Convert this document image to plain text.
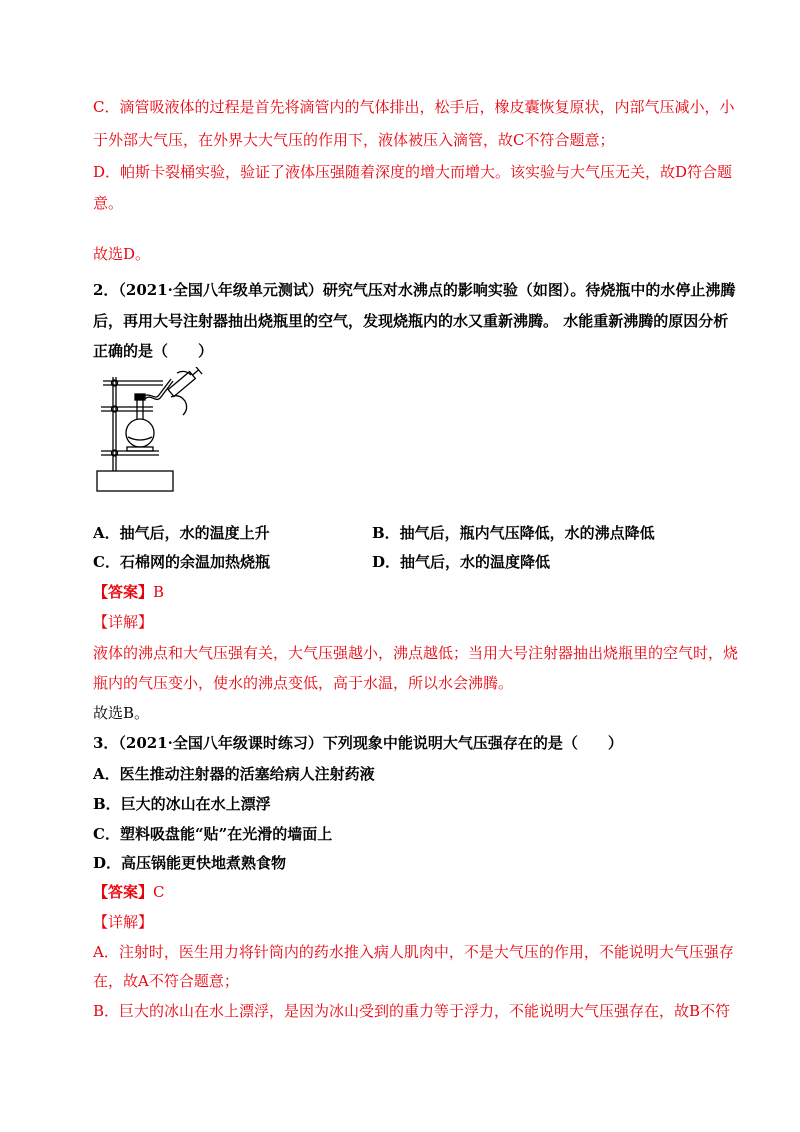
C．滴管吸液体的过程是首先将滴管内的气体排出，松手后，橡皮囊恢复原状，内部气压减小，小
于外部大气压，在外界大大气压的作用下，液体被压入滴管，故C不符合题意；
D．帕斯卡裂桶实验，验证了液体压强随着深度的增大而增大。该实验与大气压无关，故D符合题
意。
故选D。
2．（2021·全国八年级单元测试）研究气压对水沸点的影响实验（如图）。待烧瓶中的水停止沸腾
后，再用大号注射器抽出烧瓶里的空气，发现烧瓶内的水又重新沸腾。 水能重新沸腾的原因分析
正确的是（　　）
A．抽气后，水的温度上升	B．抽气后，瓶内气压降低，水的沸点降低
C．石棉网的余温加热烧瓶	D．抽气后，水的温度降低
【答案】B
【详解】
液体的沸点和大气压强有关，大气压强越小，沸点越低；当用大号注射器抽出烧瓶里的空气时，烧
瓶内的气压变小，使水的沸点变低，高于水温，所以水会沸腾。
故选B。
3．（2021·全国八年级课时练习）下列现象中能说明大气压强存在的是（　　）
A．医生推动注射器的活塞给病人注射药液
B．巨大的冰山在水上漂浮
C．塑料吸盘能“贴”在光滑的墙面上
D．高压锅能更快地煮熟食物
【答案】C
【详解】
A．注射时，医生用力将针筒内的药水推入病人肌肉中，不是大气压的作用，不能说明大气压强存
在，故A不符合题意；
B．巨大的冰山在水上漂浮，是因为冰山受到的重力等于浮力，不能说明大气压强存在，故B不符
